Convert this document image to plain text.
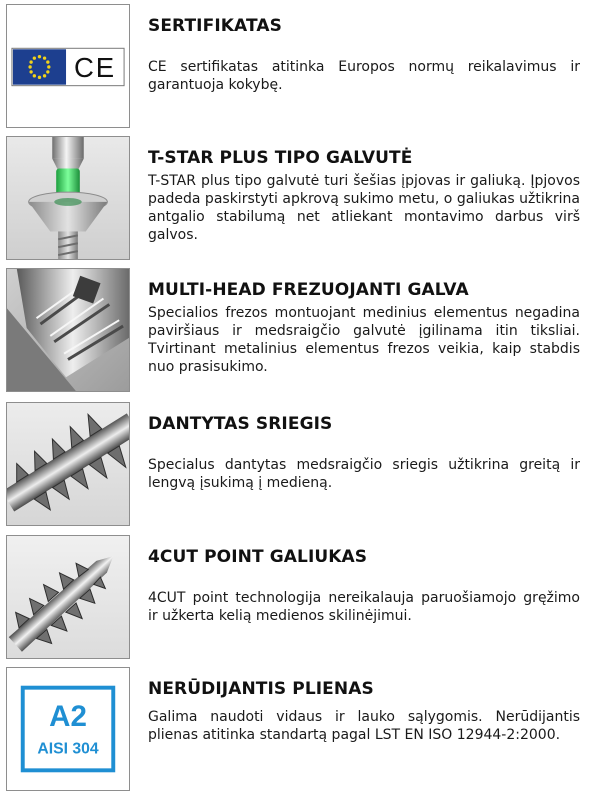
CE
SERTIFIKATAS

CE sertifikatas atitinka Europos normų reikalavimus ir garantuoja kokybę.

T-STAR PLUS TIPO GALVUTĖ

T-STAR plus tipo galvutė turi šešias įpjovas ir galiuką. Įpjovos padeda paskirstyti apkrovą sukimo metu, o galiukas užtikrina antgalio stabilumą net atliekant montavimo darbus virš galvos.

MULTI-HEAD FREZUOJANTI GALVA

Specialios frezos montuojant medinius elementus negadina paviršiaus ir medsraigčio galvutė įgilinama itin tiksliai. Tvirtinant metalinius elementus frezos veikia, kaip stabdis nuo prasisukimo.

DANTYTAS SRIEGIS

Specialus dantytas medsraigčio sriegis užtikrina greitą ir lengvą įsukimą į medieną.

4CUT POINT GALIUKAS

4CUT point technologija nereikalauja paruošiamojo gręžimo ir užkerta kelią medienos skilinėjimui.

A2
AISI 304
NERŪDIJANTIS PLIENAS

Galima naudoti vidaus ir lauko sąlygomis. Nerūdijantis plienas atitinka standartą pagal LST EN ISO 12944-2:2000.
